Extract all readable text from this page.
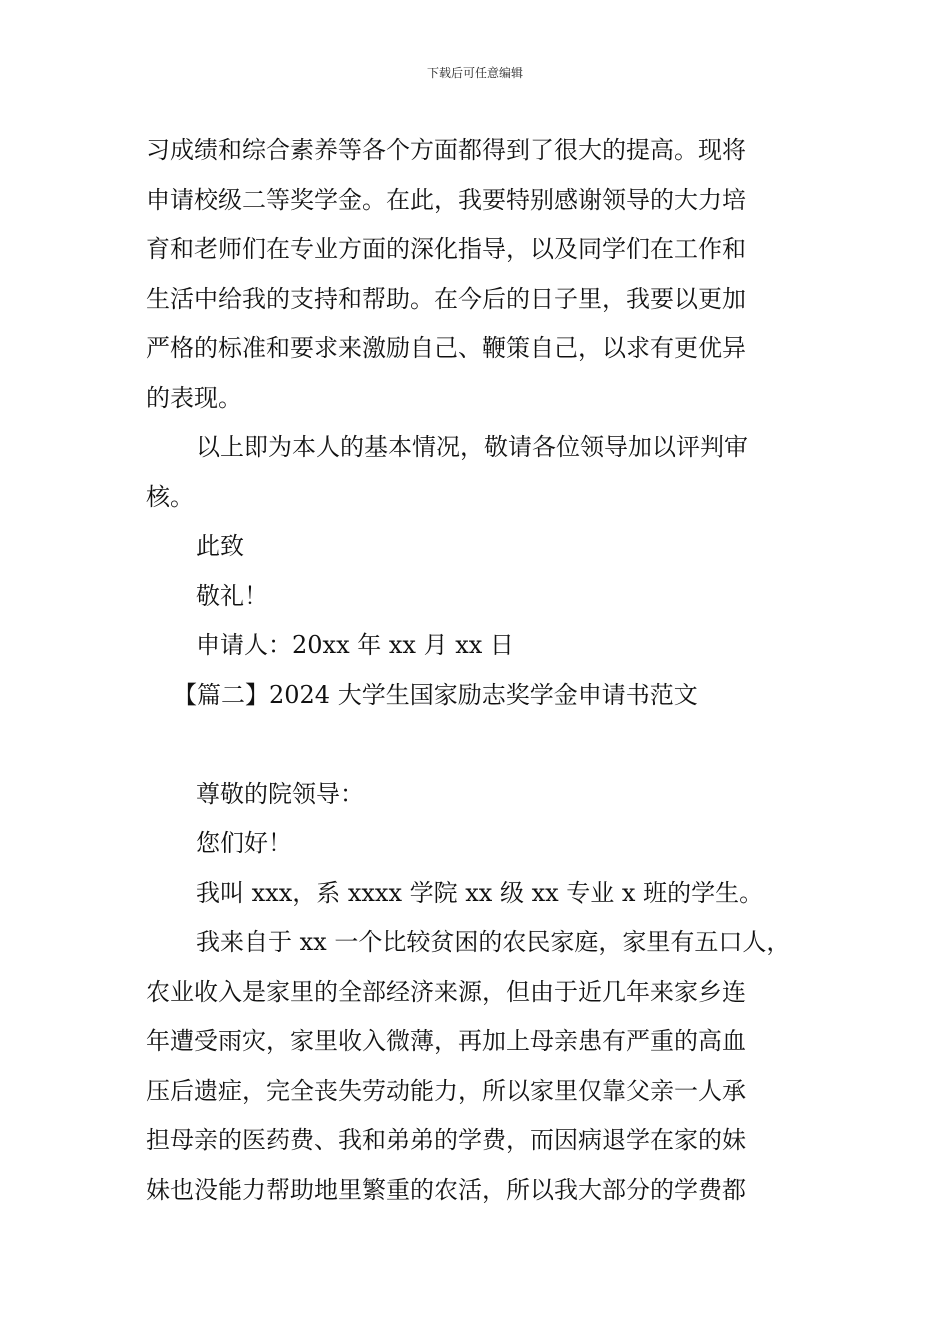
下载后可任意编辑

习成绩和综合素养等各个方面都得到了很大的提高。现将

申请校级二等奖学金。在此，我要特别感谢领导的大力培

育和老师们在专业方面的深化指导，以及同学们在工作和

生活中给我的支持和帮助。在今后的日子里，我要以更加

严格的标准和要求来激励自己、鞭策自己，以求有更优异

的表现。

以上即为本人的基本情况，敬请各位领导加以评判审

核。

此致

敬礼！

申请人：20xx 年 xx 月 xx 日

【篇二】2024 大学生国家励志奖学金申请书范文

尊敬的院领导：

您们好！

我叫 xxx，系 xxxx 学院 xx 级 xx 专业 x 班的学生。

我来自于 xx 一个比较贫困的农民家庭，家里有五口人，

农业收入是家里的全部经济来源，但由于近几年来家乡连

年遭受雨灾，家里收入微薄，再加上母亲患有严重的高血

压后遗症，完全丧失劳动能力，所以家里仅靠父亲一人承

担母亲的医药费、我和弟弟的学费，而因病退学在家的妹

妹也没能力帮助地里繁重的农活，所以我大部分的学费都
